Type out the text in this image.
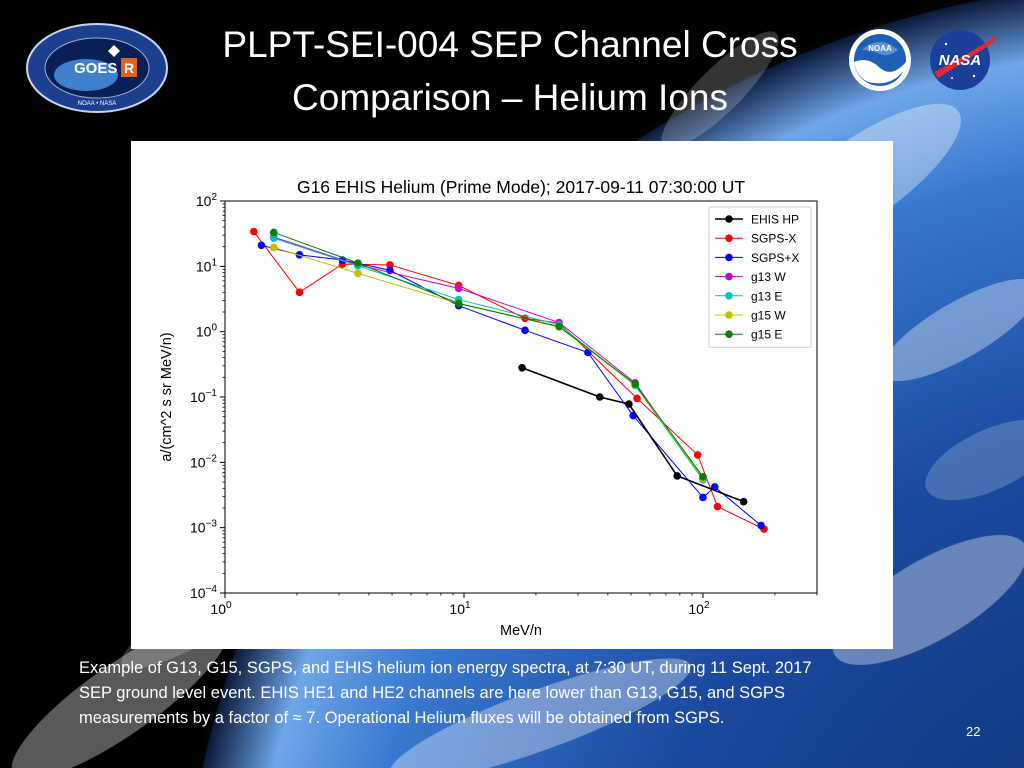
GOES R
NOAA • NASA
PLPT-SEI-004 SEP Channel Cross
Comparison – Helium Ions
NOAA
NASA
G16 EHIS Helium (Prime Mode); 2017-09-11 07:30:00 UT
$10^2$
$10^1$
$10^0$
$10^{-1}$
$10^{-2}$
$10^{-3}$
$10^{-4}$
$10^0$	$10^1$	$10^2$
MeV/n
a/(cm^2 s sr MeV/n)
EHIS HP
SGPS-X
SGPS+X
g13 W
g13 E
g15 W
g15 E
Example of G13, G15, SGPS, and EHIS helium ion energy spectra, at 7:30 UT, during 11 Sept. 2017
SEP ground level event. EHIS HE1 and HE2 channels are here lower than G13, G15, and SGPS
measurements by a factor of ≈ 7. Operational Helium fluxes will be obtained from SGPS.
22
